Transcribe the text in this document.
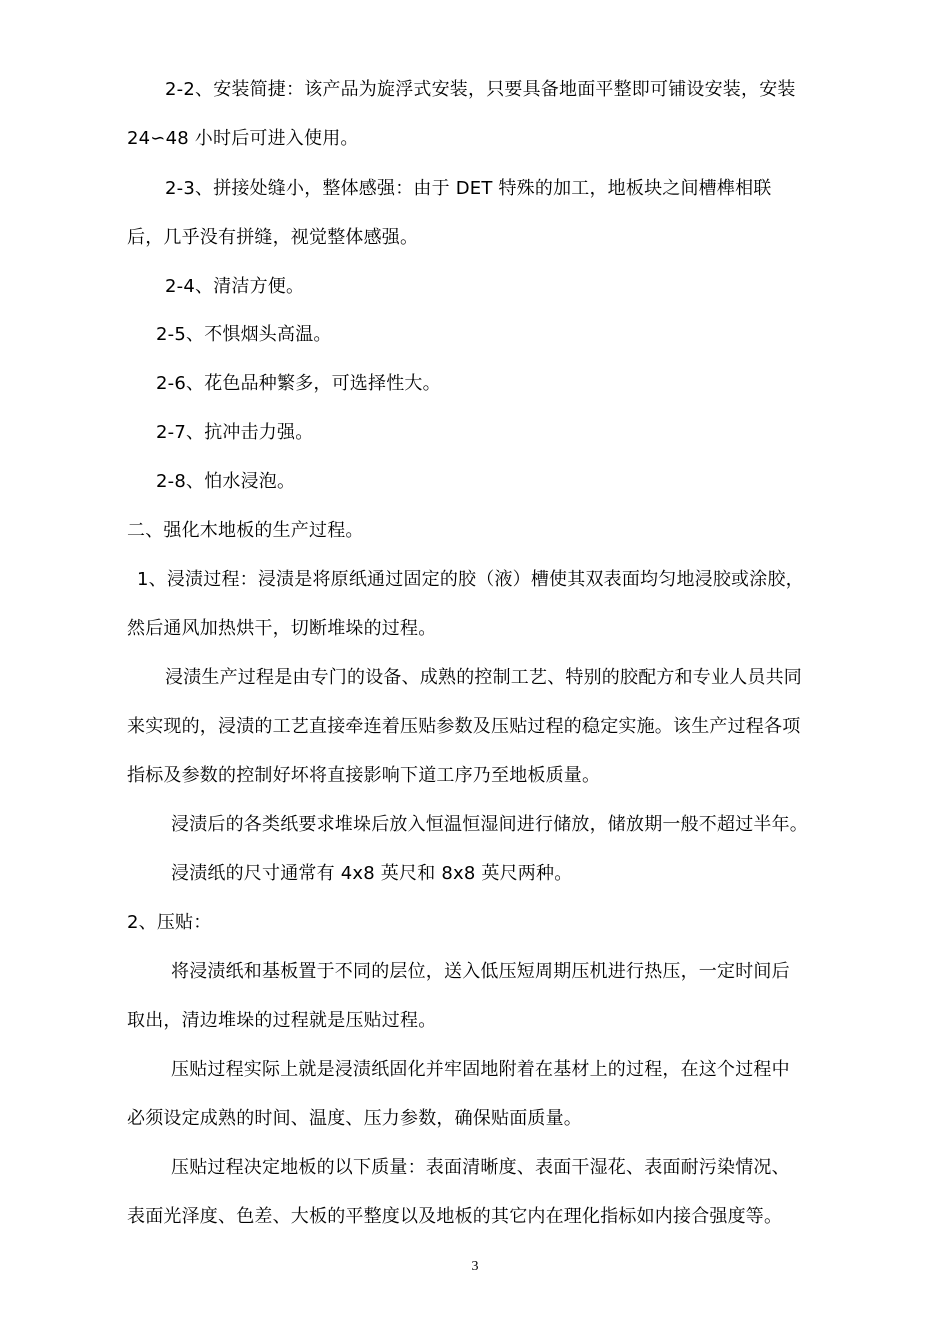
2-2、安装简捷：该产品为旋浮式安装，只要具备地面平整即可铺设安装，安装
24∽48 小时后可进入使用。
2-3、拼接处缝小，整体感强：由于 DET 特殊的加工，地板块之间槽榫相联
后，几乎没有拼缝，视觉整体感强。
2-4、清洁方便。
2-5、不惧烟头高温。
2-6、花色品种繁多，可选择性大。
2-7、抗冲击力强。
2-8、怕水浸泡。
二、强化木地板的生产过程。
1、浸渍过程：浸渍是将原纸通过固定的胶（液）槽使其双表面均匀地浸胶或涂胶，
然后通风加热烘干，切断堆垛的过程。
浸渍生产过程是由专门的设备、成熟的控制工艺、特别的胶配方和专业人员共同
来实现的，浸渍的工艺直接牵连着压贴参数及压贴过程的稳定实施。该生产过程各项
指标及参数的控制好坏将直接影响下道工序乃至地板质量。
浸渍后的各类纸要求堆垛后放入恒温恒湿间进行储放，储放期一般不超过半年。
浸渍纸的尺寸通常有 4x8 英尺和 8x8 英尺两种。
2、压贴：
将浸渍纸和基板置于不同的层位，送入低压短周期压机进行热压，一定时间后
取出，清边堆垛的过程就是压贴过程。
压贴过程实际上就是浸渍纸固化并牢固地附着在基材上的过程，在这个过程中
必须设定成熟的时间、温度、压力参数，确保贴面质量。
压贴过程决定地板的以下质量：表面清晰度、表面干湿花、表面耐污染情况、
表面光泽度、色差、大板的平整度以及地板的其它内在理化指标如内接合强度等。
3
